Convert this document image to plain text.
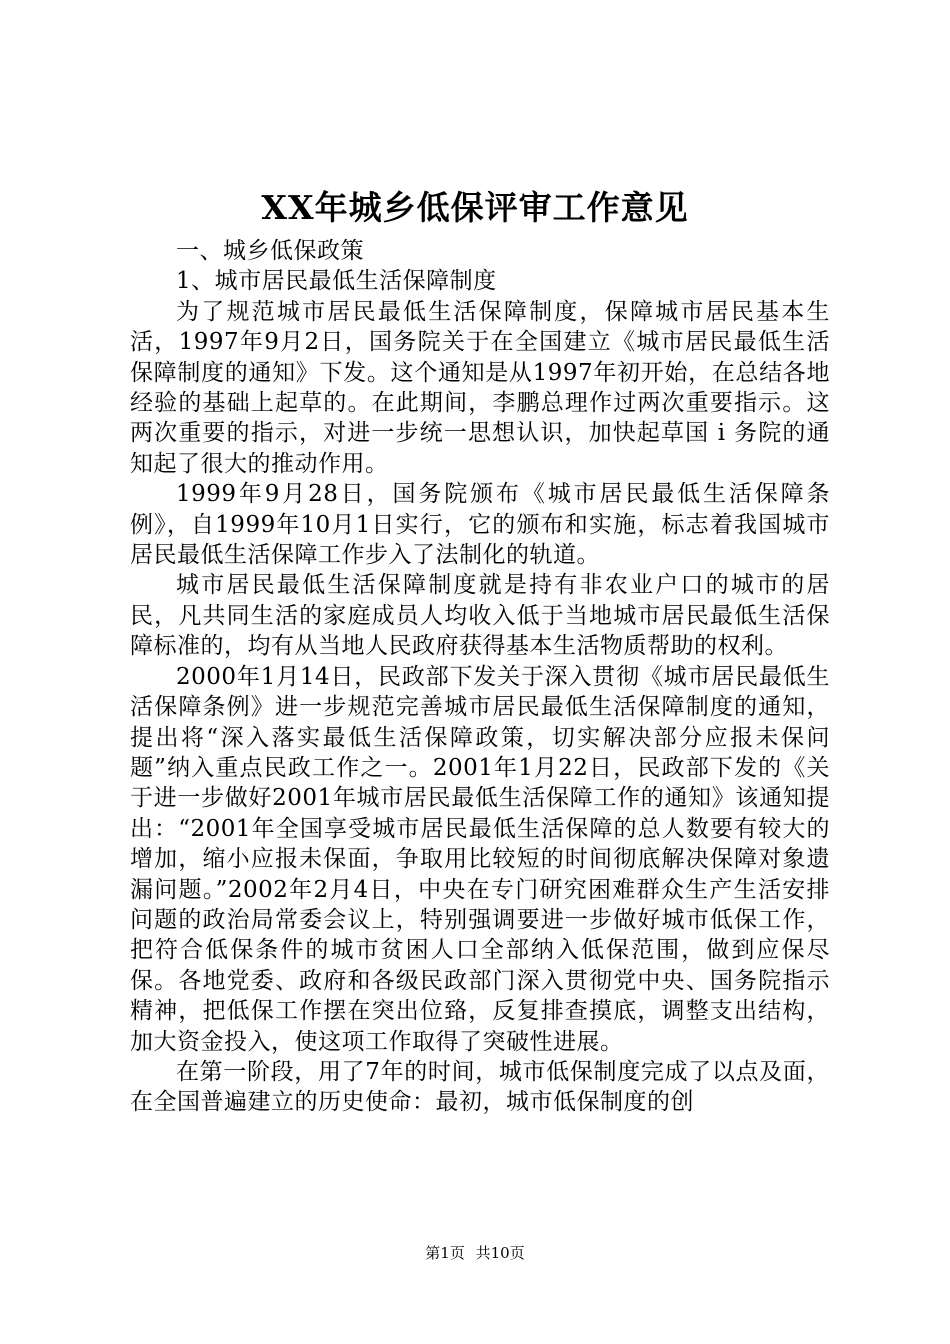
XX年城乡低保评审工作意见

一、城乡低保政策

1、城市居民最低生活保障制度

为了规范城市居民最低生活保障制度，保障城市居民基本生活，1997年9月2日，国务院关于在全国建立《城市居民最低生活保障制度的通知》下发。这个通知是从1997年初开始，在总结各地经验的基础上起草的。在此期间，李鹏总理作过两次重要指示。这两次重要的指示，对进一步统一思想认识，加快起草国 i 务院的通知起了很大的推动作用。

1999年9月28日，国务院颁布《城市居民最低生活保障条例》，自1999年10月1日实行，它的颁布和实施，标志着我国城市居民最低生活保障工作步入了法制化的轨道。

城市居民最低生活保障制度就是持有非农业户口的城市的居民，凡共同生活的家庭成员人均收入低于当地城市居民最低生活保障标准的，均有从当地人民政府获得基本生活物质帮助的权利。

2000年1月14日，民政部下发关于深入贯彻《城市居民最低生活保障条例》进一步规范完善城市居民最低生活保障制度的通知，提出将“深入落实最低生活保障政策，切实解决部分应报未保问题”纳入重点民政工作之一。2001年1月22日，民政部下发的《关于进一步做好2001年城市居民最低生活保障工作的通知》该通知提出：“2001年全国享受城市居民最低生活保障的总人数要有较大的增加，缩小应报未保面，争取用比较短的时间彻底解决保障对象遗漏问题。”2002年2月4日，中央在专门研究困难群众生产生活安排问题的政治局常委会议上，特别强调要进一步做好城市低保工作，把符合低保条件的城市贫困人口全部纳入低保范围，做到应保尽保。各地党委、政府和各级民政部门深入贯彻党中央、国务院指示精神，把低保工作摆在突出位臵，反复排查摸底，调整支出结构，加大资金投入，使这项工作取得了突破性进展。

在第一阶段，用了7年的时间，城市低保制度完成了以点及面，在全国普遍建立的历史使命：最初，城市低保制度的创

第1页 共10页
